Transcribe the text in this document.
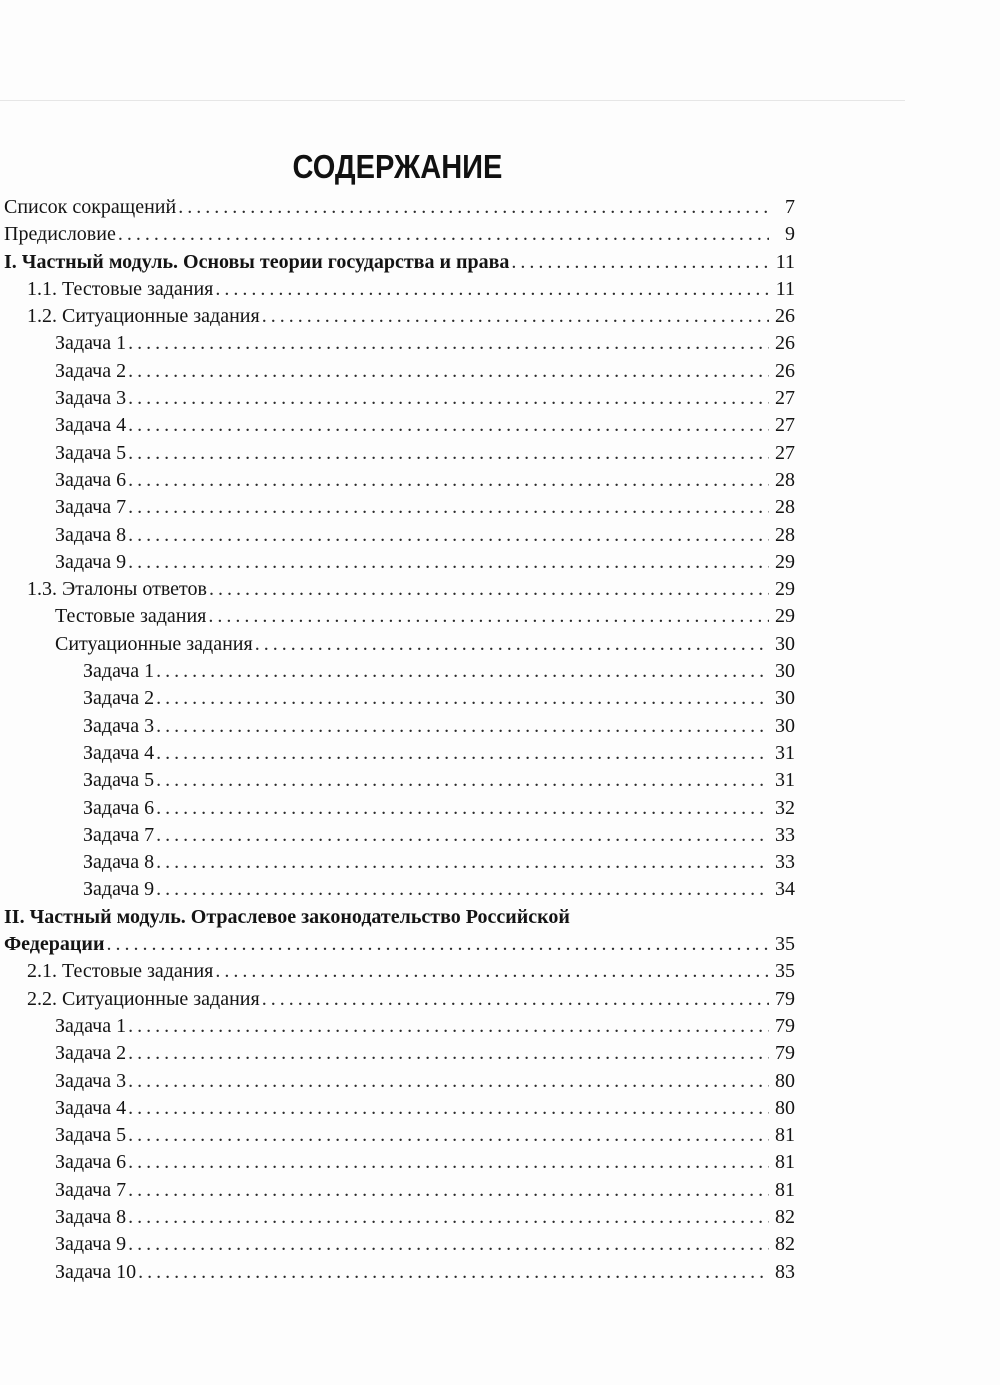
СОДЕРЖАНИЕ
Список сокращений . . .	7
Предисловие . . .	9
I. Частный модуль. Основы теории государства и права . . .	11
1.1. Тестовые задания . . .	11
1.2. Ситуационные задания . . .	26
Задача 1 . . .	26
Задача 2 . . .	26
Задача 3 . . .	27
Задача 4 . . .	27
Задача 5 . . .	27
Задача 6 . . .	28
Задача 7 . . .	28
Задача 8 . . .	28
Задача 9 . . .	29
1.3. Эталоны ответов . . .	29
Тестовые задания . . .	29
Ситуационные задания . . .	30
Задача 1 . . .	30
Задача 2 . . .	30
Задача 3 . . .	30
Задача 4 . . .	31
Задача 5 . . .	31
Задача 6 . . .	32
Задача 7 . . .	33
Задача 8 . . .	33
Задача 9 . . .	34
II. Частный модуль. Отраслевое законодательство Российской
Федерации . . .	35
2.1. Тестовые задания . . .	35
2.2. Ситуационные задания . . .	79
Задача 1 . . .	79
Задача 2 . . .	79
Задача 3 . . .	80
Задача 4 . . .	80
Задача 5 . . .	81
Задача 6 . . .	81
Задача 7 . . .	81
Задача 8 . . .	82
Задача 9 . . .	82
Задача 10 . . .	83
